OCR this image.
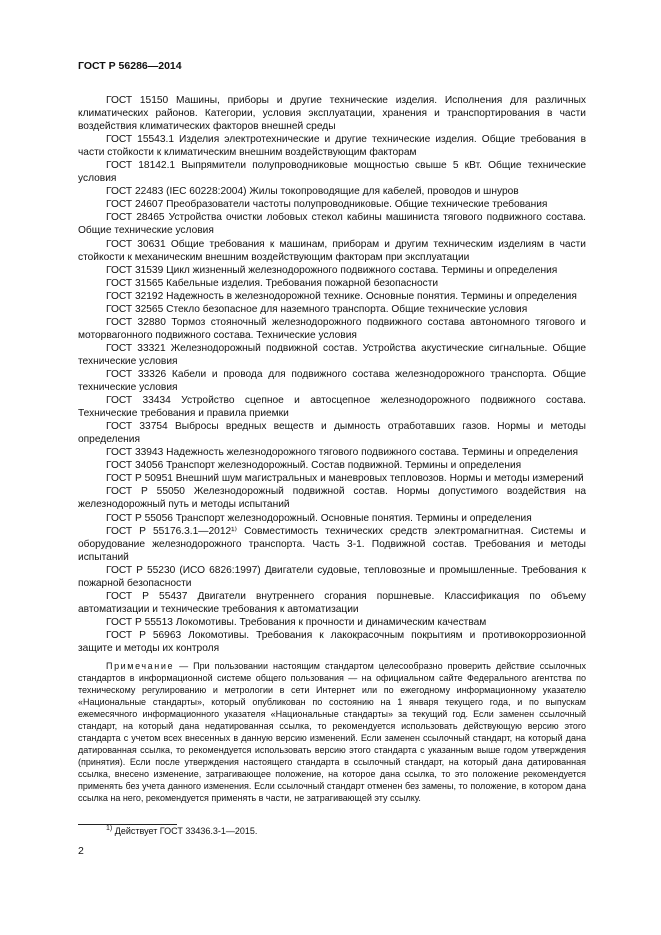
ГОСТ Р 56286—2014

ГОСТ 15150 Машины, приборы и другие технические изделия. Исполнения для различных климатических районов. Категории, условия эксплуатации, хранения и транспортирования в части воздействия климатических факторов внешней среды

ГОСТ 15543.1 Изделия электротехнические и другие технические изделия. Общие требования в части стойкости к климатическим внешним воздействующим факторам

ГОСТ 18142.1 Выпрямители полупроводниковые мощностью свыше 5 кВт. Общие технические условия

ГОСТ 22483 (IEC 60228:2004) Жилы токопроводящие для кабелей, проводов и шнуров

ГОСТ 24607 Преобразователи частоты полупроводниковые. Общие технические требования

ГОСТ 28465 Устройства очистки лобовых стекол кабины машиниста тягового подвижного состава. Общие технические условия

ГОСТ 30631 Общие требования к машинам, приборам и другим техническим изделиям в части стойкости к механическим внешним воздействующим факторам при эксплуатации

ГОСТ 31539 Цикл жизненный железнодорожного подвижного состава. Термины и определения

ГОСТ 31565 Кабельные изделия. Требования пожарной безопасности

ГОСТ 32192 Надежность в железнодорожной технике. Основные понятия. Термины и определения

ГОСТ 32565 Стекло безопасное для наземного транспорта. Общие технические условия

ГОСТ 32880 Тормоз стояночный железнодорожного подвижного состава автономного тягового и моторвагонного подвижного состава. Технические условия

ГОСТ 33321 Железнодорожный подвижной состав. Устройства акустические сигнальные. Общие технические условия

ГОСТ 33326 Кабели и провода для подвижного состава железнодорожного транспорта. Общие технические условия

ГОСТ 33434 Устройство сцепное и автосцепное железнодорожного подвижного состава. Технические требования и правила приемки

ГОСТ 33754 Выбросы вредных веществ и дымность отработавших газов. Нормы и методы определения

ГОСТ 33943 Надежность железнодорожного тягового подвижного состава. Термины и определения

ГОСТ 34056 Транспорт железнодорожный. Состав подвижной. Термины и определения

ГОСТ Р 50951 Внешний шум магистральных и маневровых тепловозов. Нормы и методы измерений

ГОСТ Р 55050 Железнодорожный подвижной состав. Нормы допустимого воздействия на железнодорожный путь и методы испытаний

ГОСТ Р 55056 Транспорт железнодорожный. Основные понятия. Термины и определения

ГОСТ Р 55176.3.1—2012¹⁾ Совместимость технических средств электромагнитная. Системы и оборудование железнодорожного транспорта. Часть 3-1. Подвижной состав. Требования и методы испытаний

ГОСТ Р 55230 (ИСО 6826:1997) Двигатели судовые, тепловозные и промышленные. Требования к пожарной безопасности

ГОСТ Р 55437 Двигатели внутреннего сгорания поршневые. Классификация по объему автоматизации и технические требования к автоматизации

ГОСТ Р 55513 Локомотивы. Требования к прочности и динамическим качествам

ГОСТ Р 56963 Локомотивы. Требования к лакокрасочным покрытиям и противокоррозионной защите и методы их контроля

Примечание — При пользовании настоящим стандартом целесообразно проверить действие ссылочных стандартов в информационной системе общего пользования — на официальном сайте Федерального агентства по техническому регулированию и метрологии в сети Интернет или по ежегодному информационному указателю «Национальные стандарты», который опубликован по состоянию на 1 января текущего года, и по выпускам ежемесячного информационного указателя «Национальные стандарты» за текущий год. Если заменен ссылочный стандарт, на который дана недатированная ссылка, то рекомендуется использовать действующую версию этого стандарта с учетом всех внесенных в данную версию изменений. Если заменен ссылочный стандарт, на который дана датированная ссылка, то рекомендуется использовать версию этого стандарта с указанным выше годом утверждения (принятия). Если после утверждения настоящего стандарта в ссылочный стандарт, на который дана датированная ссылка, внесено изменение, затрагивающее положение, на которое дана ссылка, то это положение рекомендуется применять без учета данного изменения. Если ссылочный стандарт отменен без замены, то положение, в котором дана ссылка на него, рекомендуется применять в части, не затрагивающей эту ссылку.

$^{1)}$ Действует ГОСТ 33436.3-1—2015.
2
